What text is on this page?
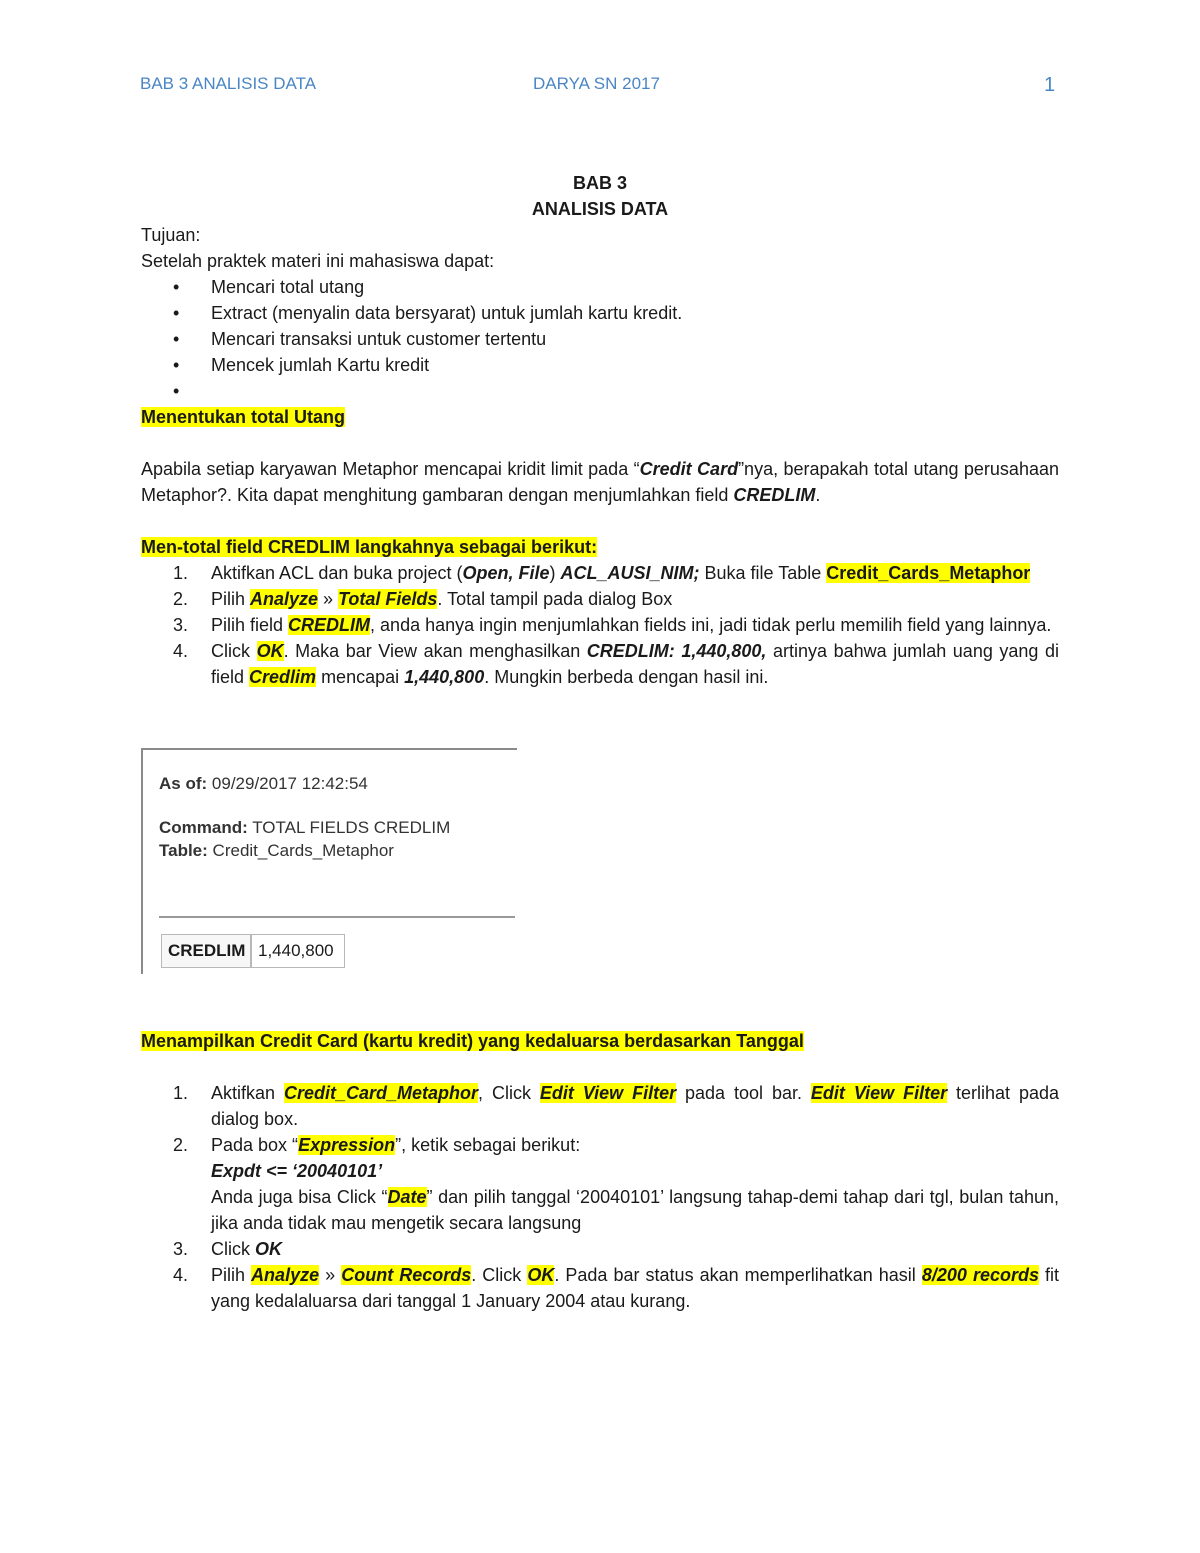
BAB 3 ANALISIS DATA	DARYA SN 2017	1
BAB 3
ANALISIS DATA
Tujuan:
Setelah praktek materi ini mahasiswa dapat:
• Mencari total utang
• Extract (menyalin data bersyarat) untuk jumlah kartu kredit.
• Mencari transaksi untuk customer tertentu
• Mencek jumlah Kartu kredit
•
Menentukan total Utang
Apabila setiap karyawan Metaphor mencapai kridit limit pada “Credit Card”nya, berapakah total utang perusahaan Metaphor?. Kita dapat menghitung gambaran dengan menjumlahkan field CREDLIM.
Men-total field CREDLIM langkahnya sebagai berikut:
1. Aktifkan ACL dan buka project (Open, File) ACL_AUSI_NIM; Buka file Table Credit_Cards_Metaphor
2. Pilih Analyze » Total Fields. Total tampil pada dialog Box
3. Pilih field CREDLIM, anda hanya ingin menjumlahkan fields ini, jadi tidak perlu memilih field yang lainnya.
4. Click OK. Maka bar View akan menghasilkan CREDLIM: 1,440,800, artinya bahwa jumlah uang yang di field Credlim mencapai 1,440,800. Mungkin berbeda dengan hasil ini.
As of: 09/29/2017 12:42:54
Command: TOTAL FIELDS CREDLIM
Table: Credit_Cards_Metaphor
CREDLIM 1,440,800
Menampilkan Credit Card (kartu kredit) yang kedaluarsa berdasarkan Tanggal
1. Aktifkan Credit_Card_Metaphor, Click Edit View Filter pada tool bar. Edit View Filter terlihat pada dialog box.
2. Pada box “Expression”, ketik sebagai berikut:
Expdt <= ‘20040101’
Anda juga bisa Click “Date” dan pilih tanggal ‘20040101’ langsung tahap-demi tahap dari tgl, bulan tahun, jika anda tidak mau mengetik secara langsung
3. Click OK
4. Pilih Analyze » Count Records. Click OK. Pada bar status akan memperlihatkan hasil 8/200 records fit yang kedalaluarsa dari tanggal 1 January 2004 atau kurang.
